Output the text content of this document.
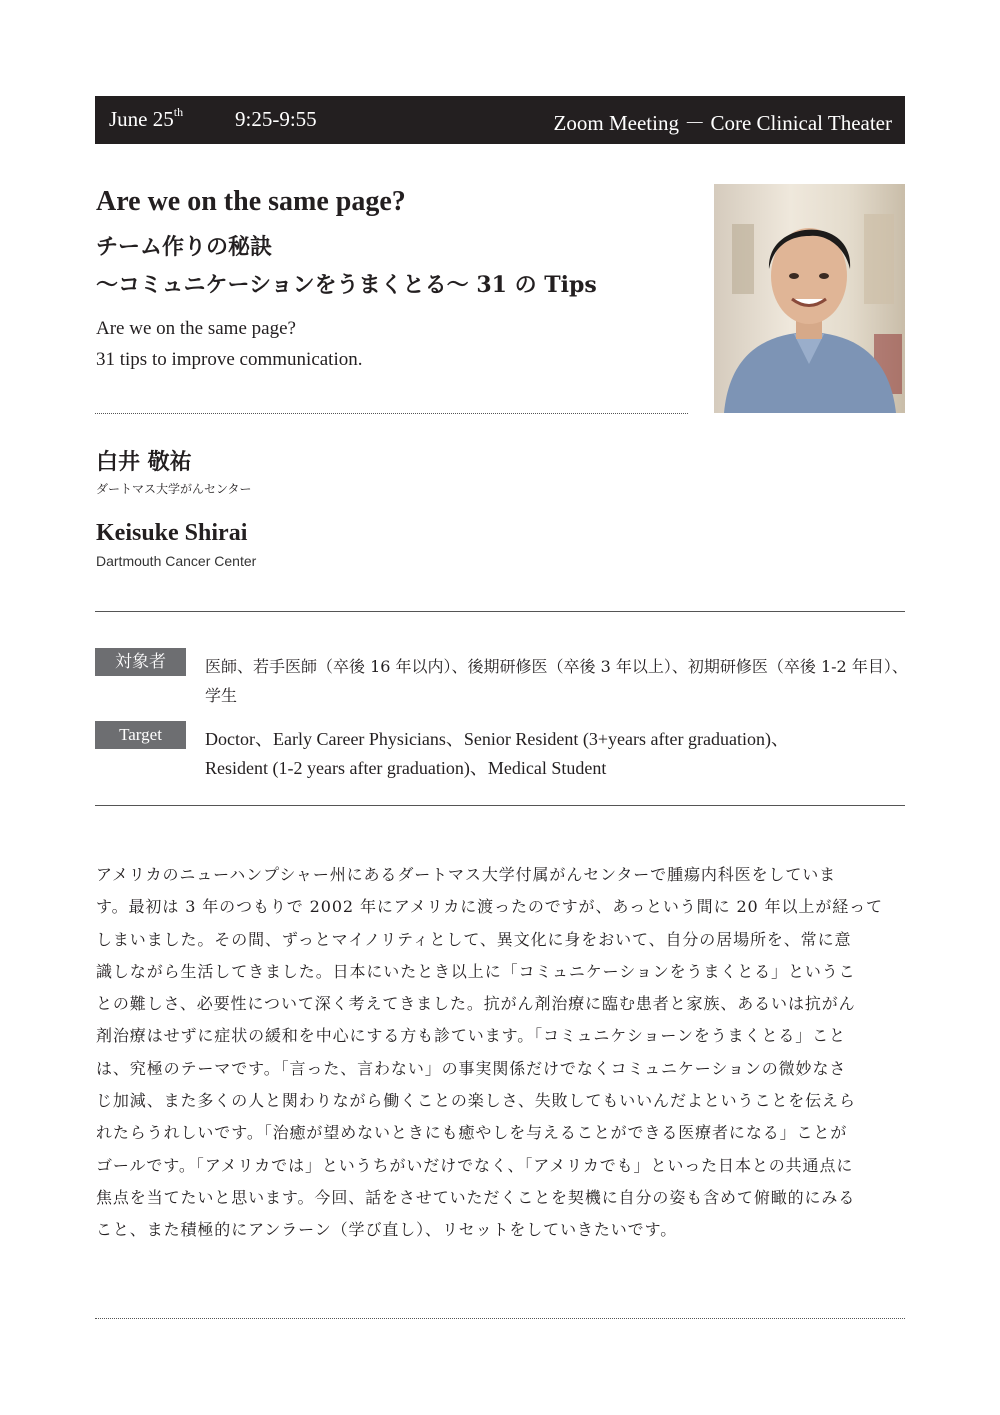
June 25th 9:25-9:55	Zoom Meeting － Core Clinical Theater
Are we on the same page?
チーム作りの秘訣
〜コミュニケーションをうまくとる〜 31 の Tips
Are we on the same page?
31 tips to improve communication.
白井 敬祐
ダートマス大学がんセンター
Keisuke Shirai
Dartmouth Cancer Center
対象者	医師、若手医師（卒後 16 年以内）、後期研修医（卒後 3 年以上）、初期研修医（卒後 1-2 年目）、
学生
Target	Doctor、Early Career Physicians、Senior Resident (3+years after graduation)、
Resident (1-2 years after graduation)、Medical Student
アメリカのニューハンプシャー州にあるダートマス大学付属がんセンターで腫瘍内科医をしていま
す。最初は 3 年のつもりで 2002 年にアメリカに渡ったのですが、あっという間に 20 年以上が経って
しまいました。その間、ずっとマイノリティとして、異文化に身をおいて、自分の居場所を、常に意
識しながら生活してきました。日本にいたとき以上に「コミュニケーションをうまくとる」というこ
との難しさ、必要性について深く考えてきました。抗がん剤治療に臨む患者と家族、あるいは抗がん
剤治療はせずに症状の緩和を中心にする方も診ています。「コミュニケショーンをうまくとる」こと
は、究極のテーマです。「言った、言わない」の事実関係だけでなくコミュニケーションの微妙なさ
じ加減、また多くの人と関わりながら働くことの楽しさ、失敗してもいいんだよということを伝えら
れたらうれしいです。「治癒が望めないときにも癒やしを与えることができる医療者になる」ことが
ゴールです。「アメリカでは」というちがいだけでなく、「アメリカでも」といった日本との共通点に
焦点を当てたいと思います。今回、話をさせていただくことを契機に自分の姿も含めて俯瞰的にみる
こと、また積極的にアンラーン（学び直し）、リセットをしていきたいです。
